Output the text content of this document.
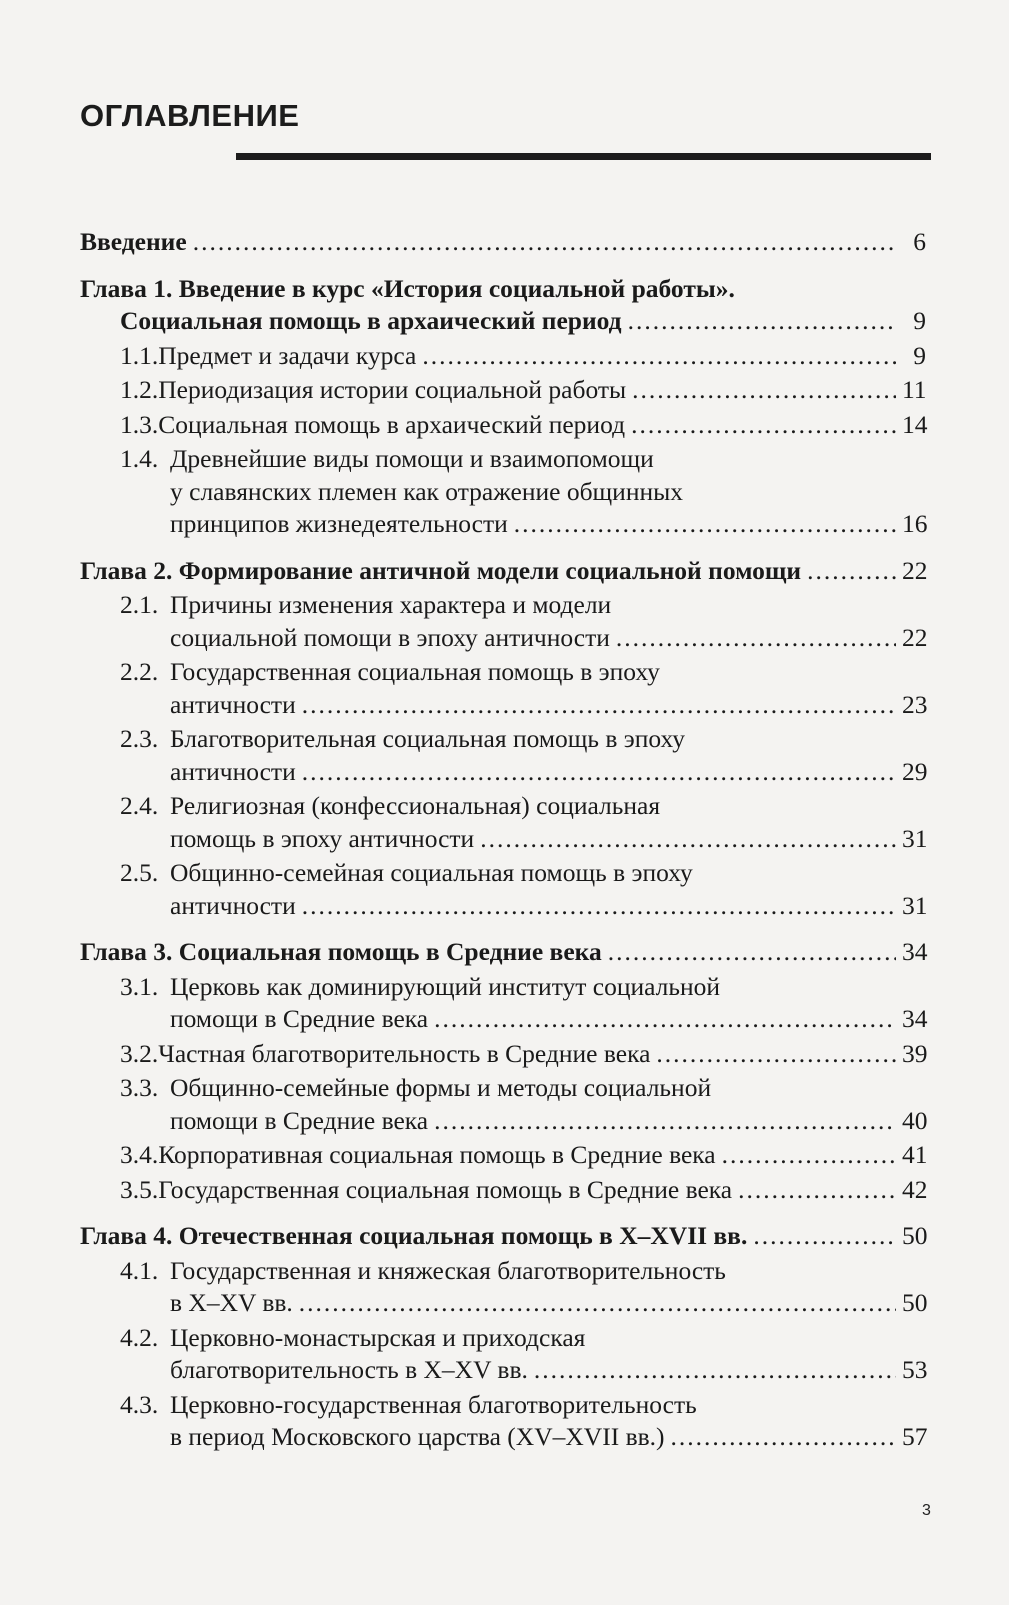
ОГЛАВЛЕНИЕ
Введение .....	6
Глава 1. Введение в курс «История социальной работы».
Социальная помощь в архаический период .....	9
1.1. Предмет и задачи курса .....	9
1.2. Периодизация истории социальной работы .....	11
1.3. Социальная помощь в архаический период .....	14
1.4. Древнейшие виды помощи и взаимопомощи
у славянских племен как отражение общинных
принципов жизнедеятельности .....	16
Глава 2. Формирование античной модели социальной помощи .....	22
2.1. Причины изменения характера и модели
социальной помощи в эпоху античности .....	22
2.2. Государственная социальная помощь в эпоху
античности .....	23
2.3. Благотворительная социальная помощь в эпоху
античности .....	29
2.4. Религиозная (конфессиональная) социальная
помощь в эпоху античности .....	31
2.5. Общинно-семейная социальная помощь в эпоху
античности .....	31
Глава 3. Социальная помощь в Средние века .....	34
3.1. Церковь как доминирующий институт социальной
помощи в Средние века .....	34
3.2. Частная благотворительность в Средние века .....	39
3.3. Общинно-семейные формы и методы социальной
помощи в Средние века .....	40
3.4. Корпоративная социальная помощь в Средние века .....	41
3.5. Государственная социальная помощь в Средние века .....	42
Глава 4. Отечественная социальная помощь в X–XVII вв. .....	50
4.1. Государственная и княжеская благотворительность
в X–XV вв. .....	50
4.2. Церковно-монастырская и приходская
благотворительность в X–XV вв. .....	53
4.3. Церковно-государственная благотворительность
в период Московского царства (XV–XVII вв.) .....	57
3
